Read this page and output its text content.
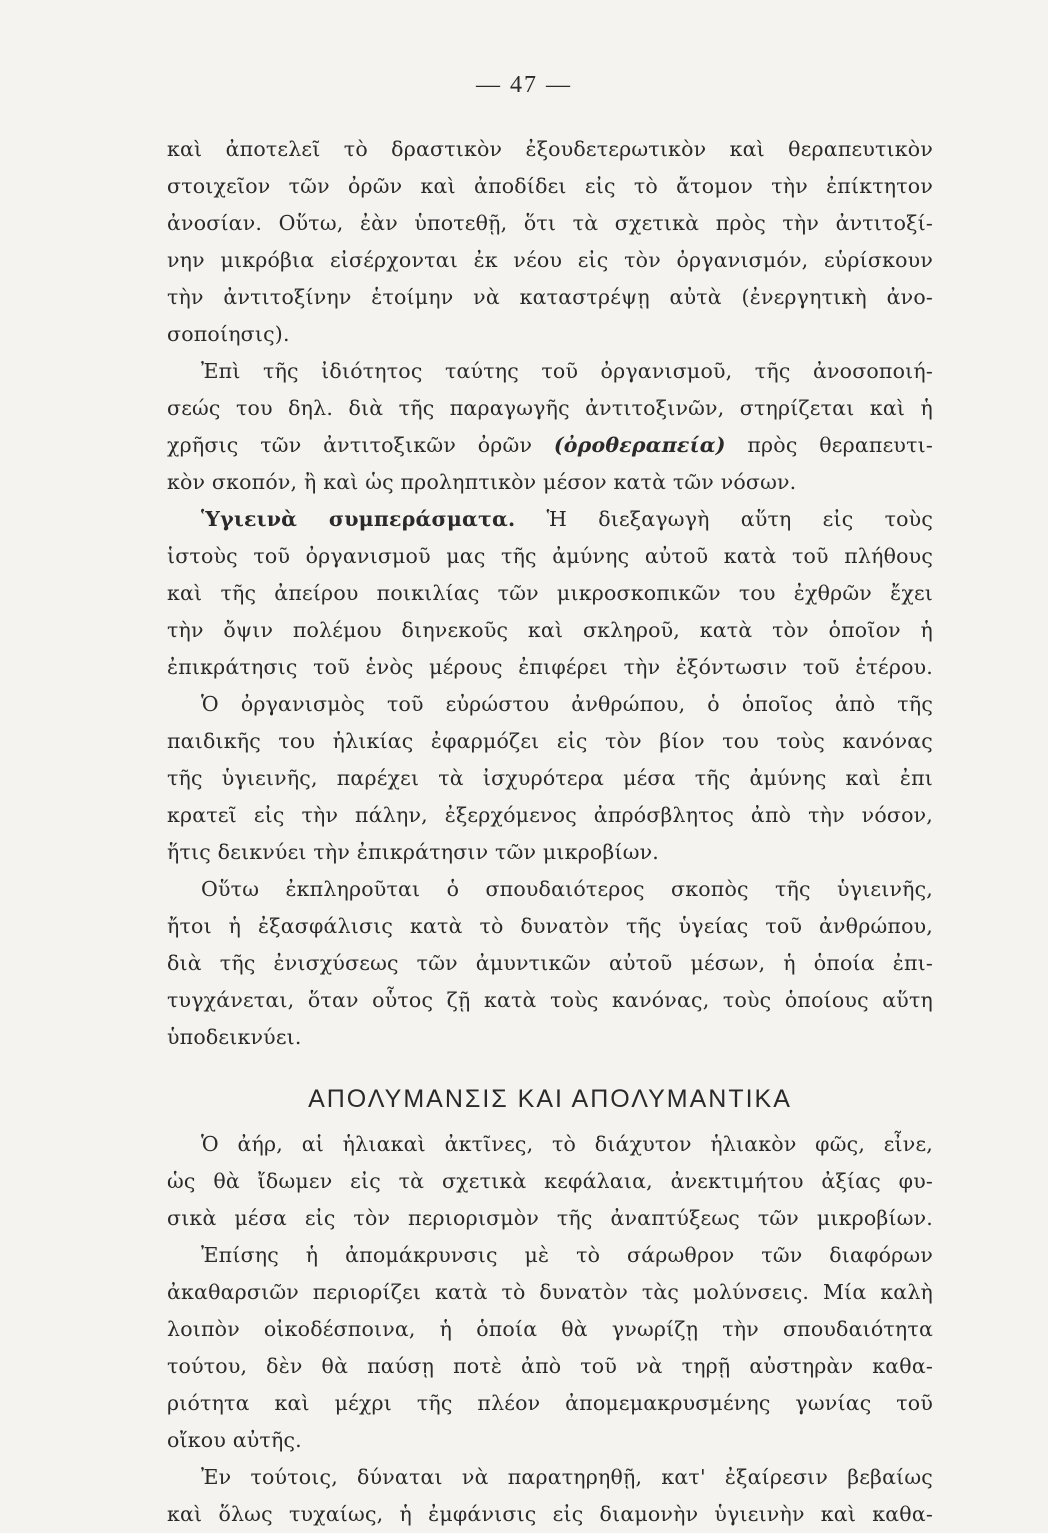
— 47 —
καὶ ἀποτελεῖ τὸ δραστικὸν ἐξουδετερωτικὸν καὶ θεραπευτικὸν
στοιχεῖον τῶν ὀρῶν καὶ ἀποδίδει εἰς τὸ ἄτομον τὴν ἐπίκτητον
ἀνοσίαν. Οὕτω, ἐὰν ὑποτεθῇ, ὅτι τὰ σχετικὰ πρὸς τὴν ἀντιτοξί-
νην μικρόβια εἰσέρχονται ἐκ νέου εἰς τὸν ὀργανισμόν, εὑρίσκουν
τὴν ἀντιτοξίνην ἑτοίμην νὰ καταστρέψῃ αὐτὰ (ἐνεργητικὴ ἀνο-
σοποίησις).
Ἐπὶ τῆς ἰδιότητος ταύτης τοῦ ὀργανισμοῦ, τῆς ἀνοσοποιή-
σεώς του δηλ. διὰ τῆς παραγωγῆς ἀντιτοξινῶν, στηρίζεται καὶ ἡ
χρῆσις τῶν ἀντιτοξικῶν ὀρῶν (ὀροθεραπεία) πρὸς θεραπευτι-
κὸν σκοπόν, ἢ καὶ ὡς προληπτικὸν μέσον κατὰ τῶν νόσων.
Ὑγιεινὰ συμπεράσματα. Ἡ διεξαγωγὴ αὕτη εἰς τοὺς
ἱστοὺς τοῦ ὀργανισμοῦ μας τῆς ἀμύνης αὐτοῦ κατὰ τοῦ πλήθους
καὶ τῆς ἀπείρου ποικιλίας τῶν μικροσκοπικῶν του ἐχθρῶν ἔχει
τὴν ὄψιν πολέμου διηνεκοῦς καὶ σκληροῦ, κατὰ τὸν ὁποῖον ἡ
ἐπικράτησις τοῦ ἑνὸς μέρους ἐπιφέρει τὴν ἐξόντωσιν τοῦ ἑτέρου.
Ὁ ὀργανισμὸς τοῦ εὐρώστου ἀνθρώπου, ὁ ὁποῖος ἀπὸ τῆς
παιδικῆς του ἡλικίας ἐφαρμόζει εἰς τὸν βίον του τοὺς κανόνας
τῆς ὑγιεινῆς, παρέχει τὰ ἰσχυρότερα μέσα τῆς ἀμύνης καὶ ἐπι
κρατεῖ εἰς τὴν πάλην, ἐξερχόμενος ἀπρόσβλητος ἀπὸ τὴν νόσον,
ἥτις δεικνύει τὴν ἐπικράτησιν τῶν μικροβίων.
Οὕτω ἐκπληροῦται ὁ σπουδαιότερος σκοπὸς τῆς ὑγιεινῆς,
ἤτοι ἡ ἐξασφάλισις κατὰ τὸ δυνατὸν τῆς ὑγείας τοῦ ἀνθρώπου,
διὰ τῆς ἐνισχύσεως τῶν ἀμυντικῶν αὐτοῦ μέσων, ἡ ὁποία ἐπι-
τυγχάνεται, ὅταν οὗτος ζῇ κατὰ τοὺς κανόνας, τοὺς ὁποίους αὕτη
ὑποδεικνύει.
ΑΠΟΛΥΜΑΝΣΙΣ ΚΑΙ ΑΠΟΛΥΜΑΝΤΙΚΑ
Ὁ ἀήρ, αἱ ἡλιακαὶ ἀκτῖνες, τὸ διάχυτον ἡλιακὸν φῶς, εἶνε,
ὡς θὰ ἴδωμεν εἰς τὰ σχετικὰ κεφάλαια, ἀνεκτιμήτου ἀξίας φυ-
σικὰ μέσα εἰς τὸν περιορισμὸν τῆς ἀναπτύξεως τῶν μικροβίων.
Ἐπίσης ἡ ἀπομάκρυνσις μὲ τὸ σάρωθρον τῶν διαφόρων
ἀκαθαρσιῶν περιορίζει κατὰ τὸ δυνατὸν τὰς μολύνσεις. Μία καλὴ
λοιπὸν οἰκοδέσποινα, ἡ ὁποία θὰ γνωρίζῃ τὴν σπουδαιότητα
τούτου, δὲν θὰ παύσῃ ποτὲ ἀπὸ τοῦ νὰ τηρῇ αὐστηρὰν καθα-
ριότητα καὶ μέχρι τῆς πλέον ἀπομεμακρυσμένης γωνίας τοῦ
οἴκου αὐτῆς.
Ἐν τούτοις, δύναται νὰ παρατηρηθῇ, κατ' ἐξαίρεσιν βεβαίως
καὶ ὅλως τυχαίως, ἡ ἐμφάνισις εἰς διαμονὴν ὑγιεινὴν καὶ καθα-
